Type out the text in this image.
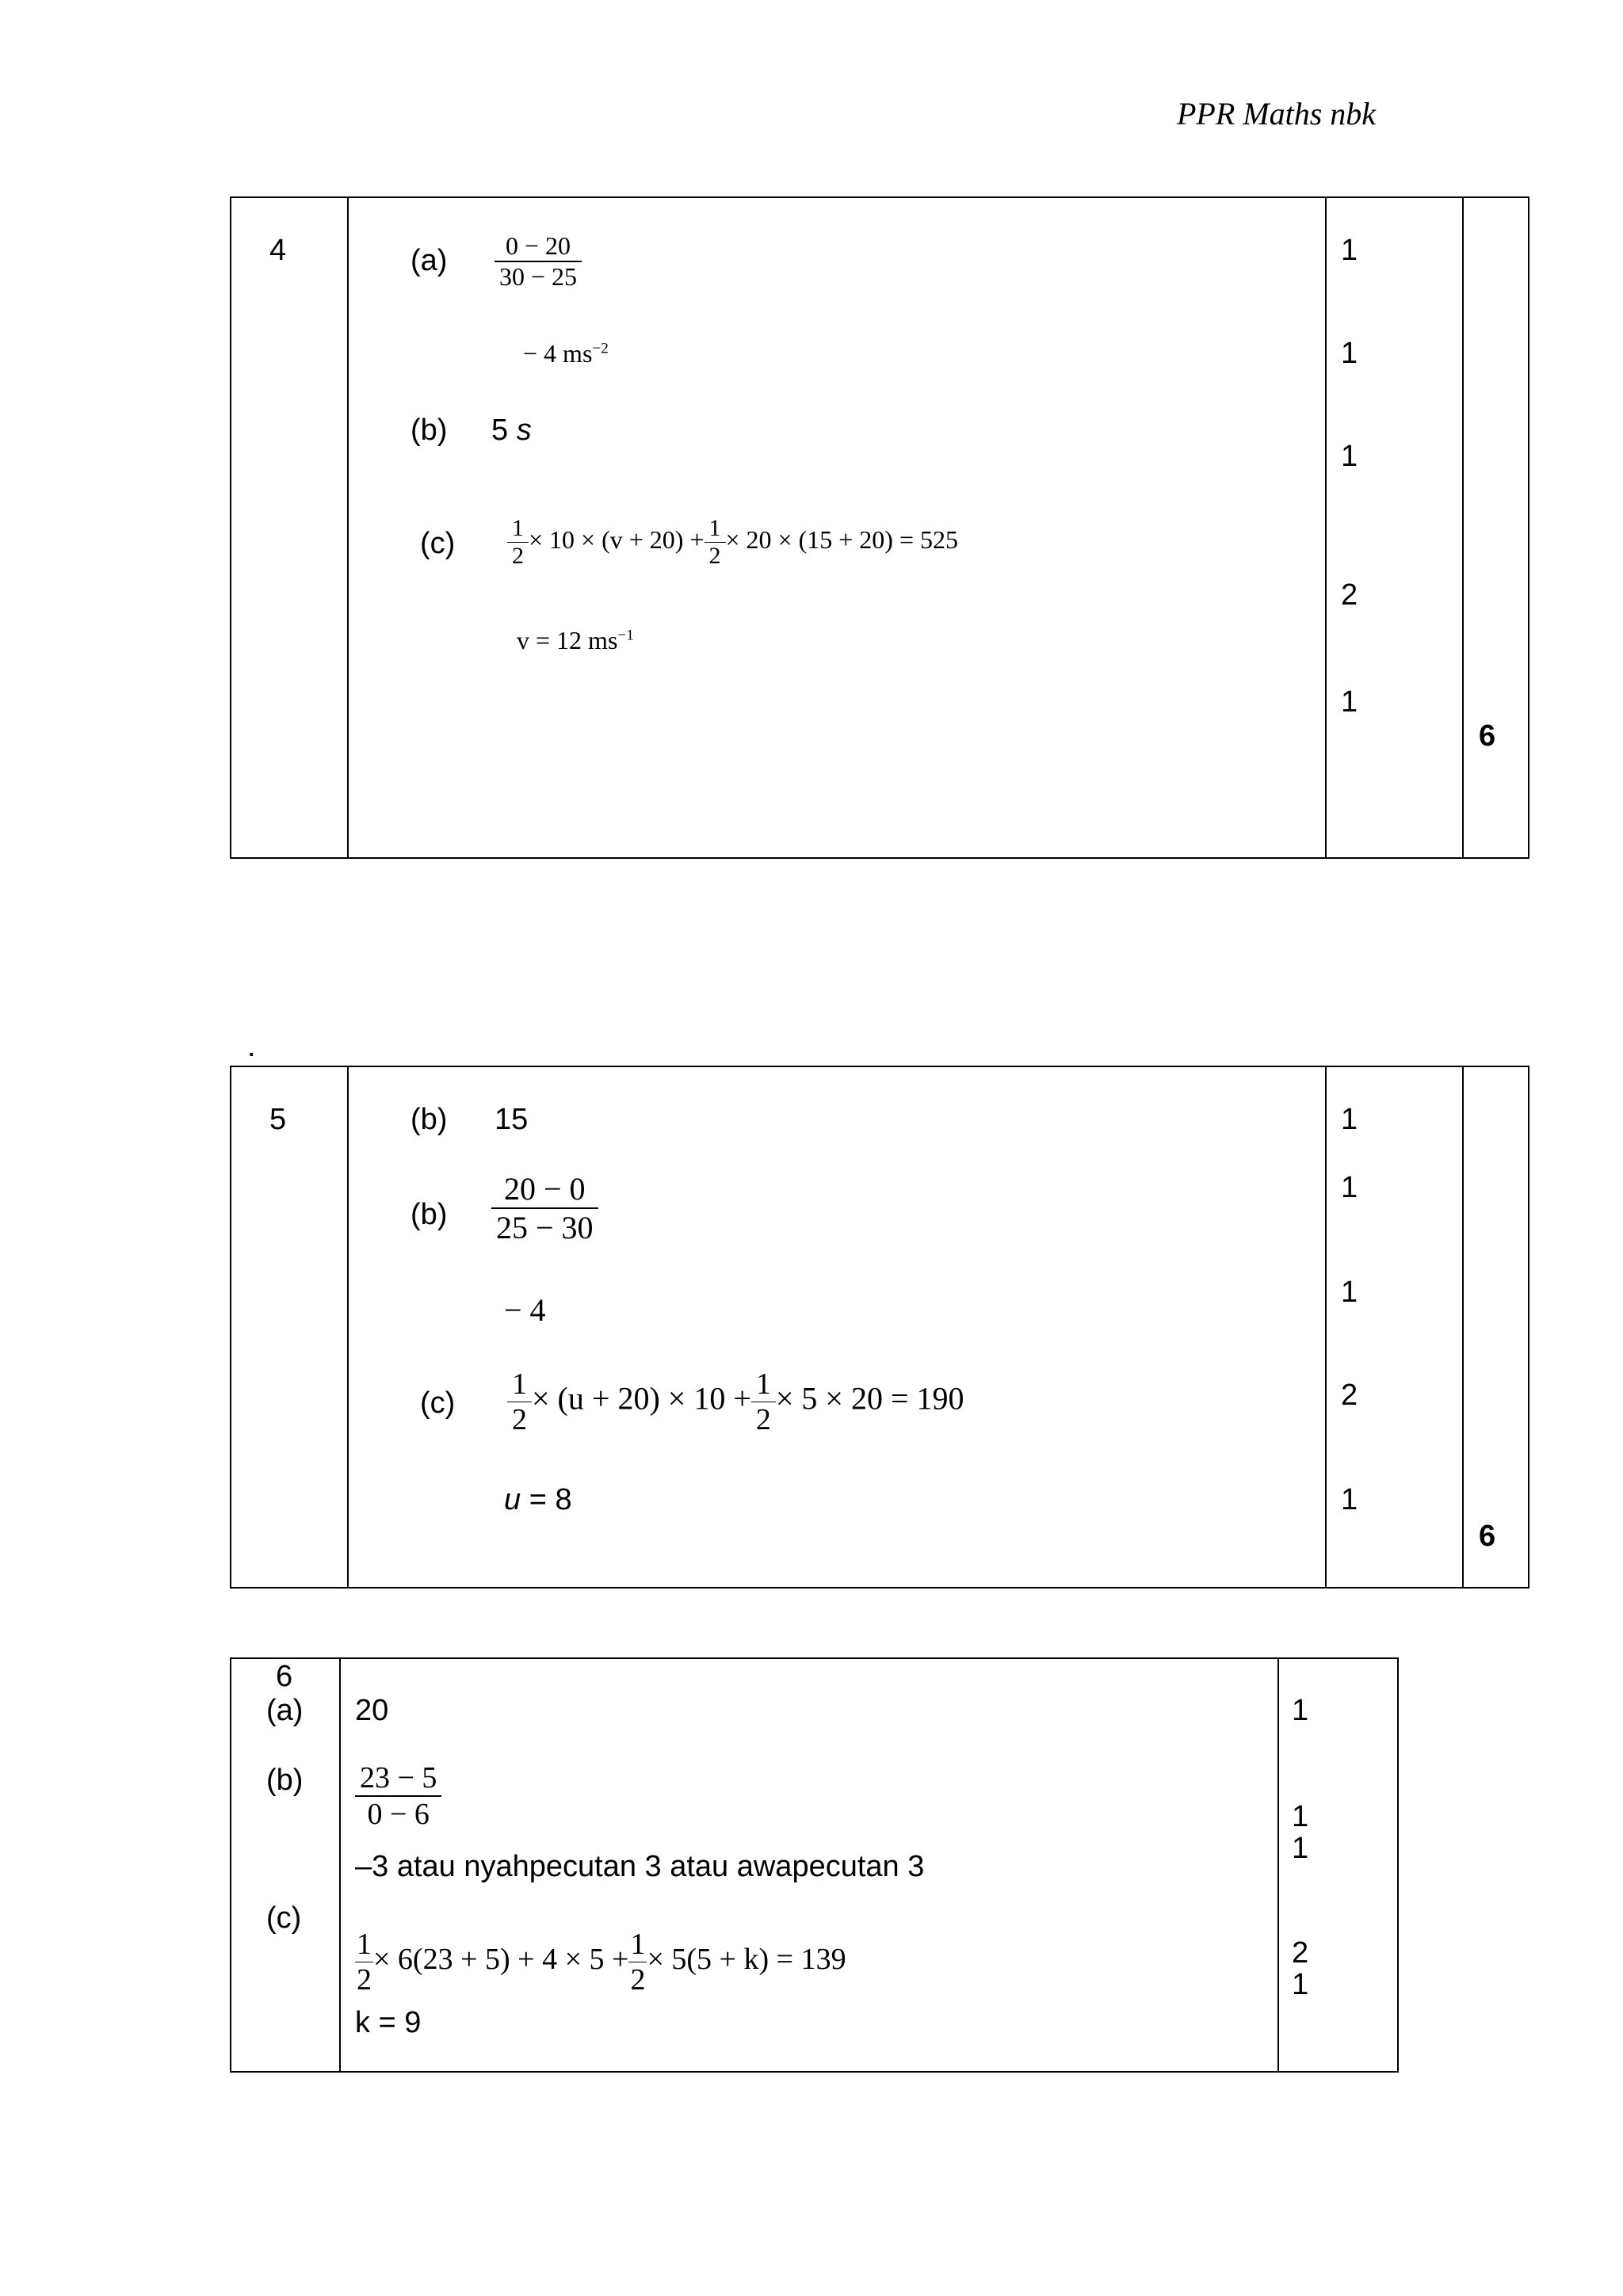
PPR Maths nbk
4	$(a) \frac{0 - 20}{30 - 25}$
− 4 $ms^{-2}$
(b) 5 s
$(c) \frac{1}{2} \times 10 \times (v + 20) + \frac{1}{2} \times 20 \times (15 + 20) = 525$
v = 12 $ms^{-1}$
1
1
1
2
1
6
.
5	(b) 15
$(b) \frac{20 - 0}{25 - 30}$
− 4
$(c) \frac{1}{2} \times (u + 20) \times 10 + \frac{1}{2} \times 5 \times 20 = 190$
u = 8
1
1
1
2
1
6
6
(a) 20
$(b) \frac{23 - 5}{0 - 6}$
–3 atau nyahpecutan 3 atau awapecutan 3
(c)
$\frac{1}{2} \times 6(23 + 5) + 4 \times 5 + \frac{1}{2} \times 5(5 + k) = 139$
k = 9
1
1
1
2
1
